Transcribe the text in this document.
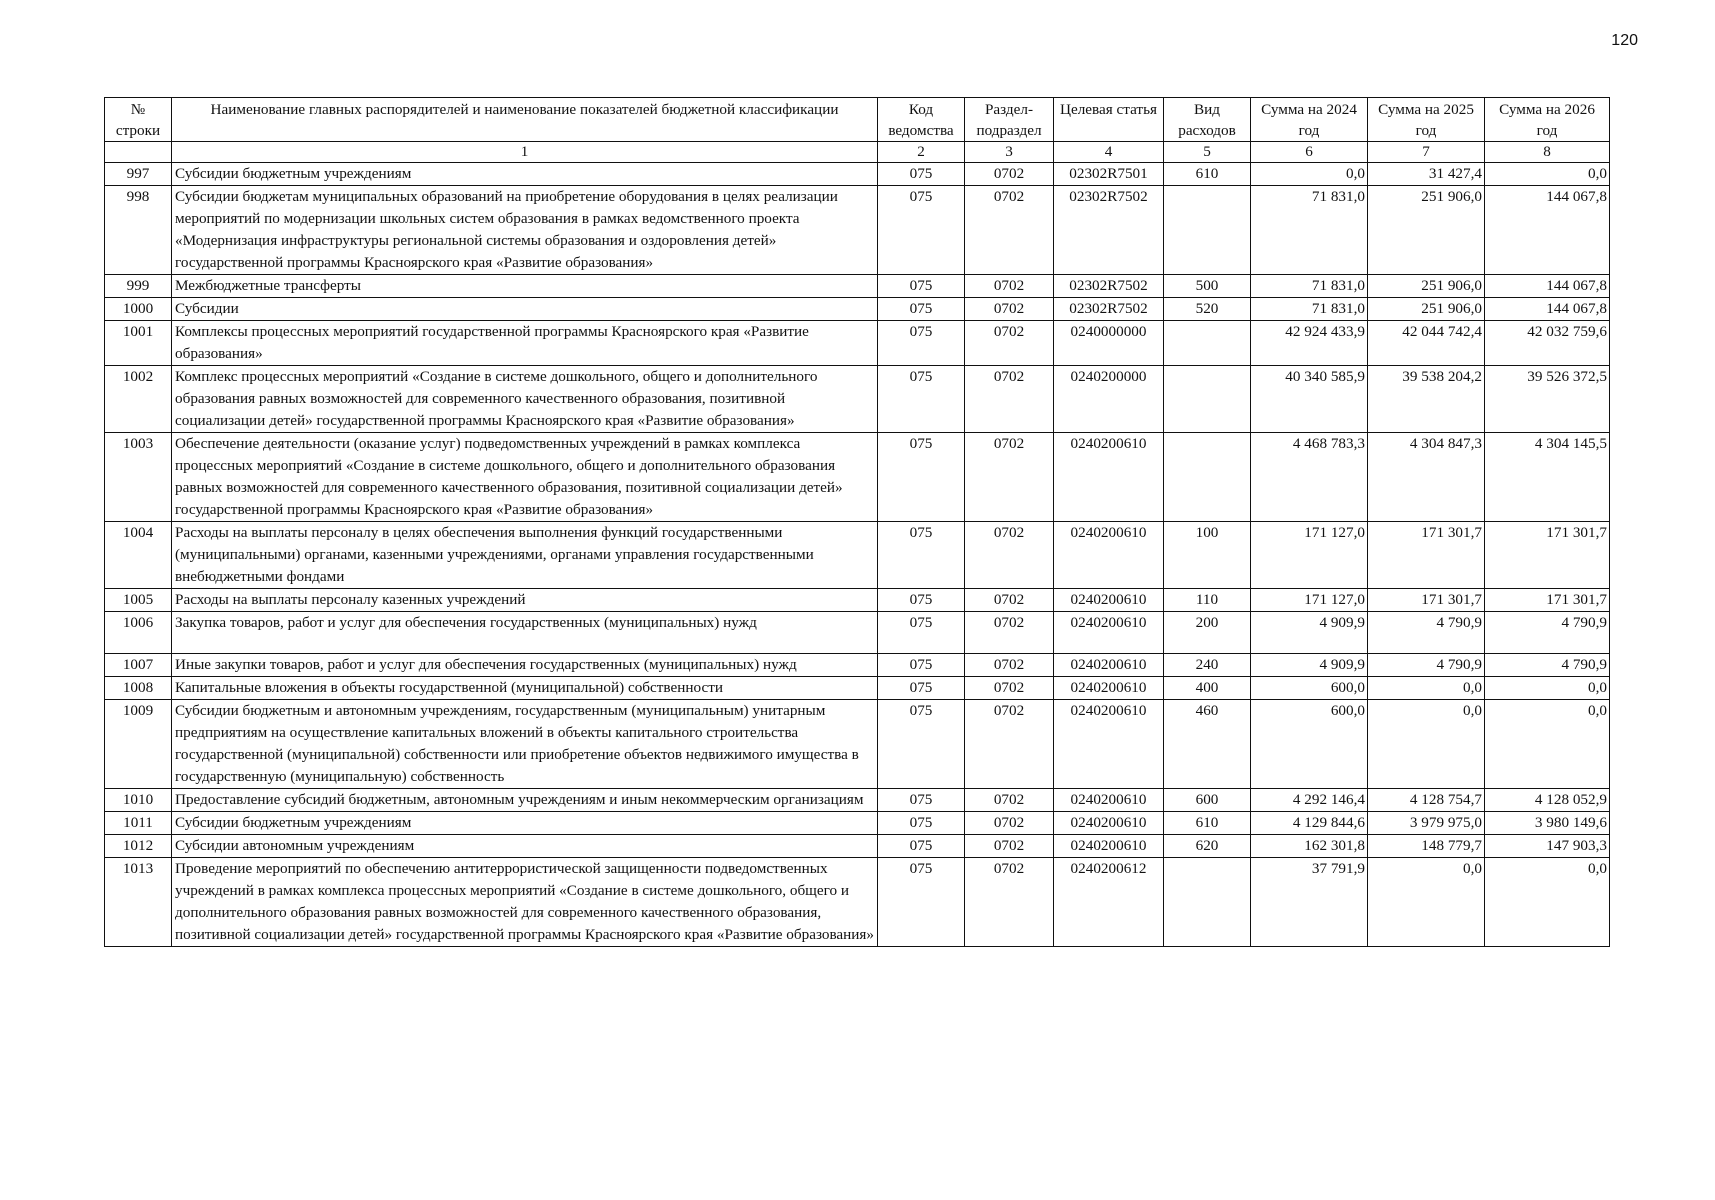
120
№ строки	Наименование главных распорядителей и наименование показателей бюджетной классификации	Код ведомства	Раздел-подраздел	Целевая статья	Вид расходов	Сумма на 2024 год	Сумма на 2025 год	Сумма на 2026 год
	1	2	3	4	5	6	7	8
997	Субсидии бюджетным учреждениям	075	0702	02302R7501	610	0,0	31 427,4	0,0
998	Субсидии бюджетам муниципальных образований на приобретение оборудования в целях реализации мероприятий по модернизации школьных систем образования в рамках ведомственного проекта «Модернизация инфраструктуры региональной системы образования и оздоровления детей» государственной программы Красноярского края «Развитие образования»	075	0702	02302R7502		71 831,0	251 906,0	144 067,8
999	Межбюджетные трансферты	075	0702	02302R7502	500	71 831,0	251 906,0	144 067,8
1000	Субсидии	075	0702	02302R7502	520	71 831,0	251 906,0	144 067,8
1001	Комплексы процессных мероприятий государственной программы Красноярского края «Развитие образования»	075	0702	0240000000		42 924 433,9	42 044 742,4	42 032 759,6
1002	Комплекс процессных мероприятий «Создание в системе дошкольного, общего и дополнительного образования равных возможностей для современного качественного образования, позитивной социализации детей» государственной программы Красноярского края «Развитие образования»	075	0702	0240200000		40 340 585,9	39 538 204,2	39 526 372,5
1003	Обеспечение деятельности (оказание услуг) подведомственных учреждений в рамках комплекса процессных мероприятий «Создание в системе дошкольного, общего и дополнительного образования равных возможностей для современного качественного образования, позитивной социализации детей» государственной программы Красноярского края «Развитие образования»	075	0702	0240200610		4 468 783,3	4 304 847,3	4 304 145,5
1004	Расходы на выплаты персоналу в целях обеспечения выполнения функций государственными (муниципальными) органами, казенными учреждениями, органами управления государственными внебюджетными фондами	075	0702	0240200610	100	171 127,0	171 301,7	171 301,7
1005	Расходы на выплаты персоналу казенных учреждений	075	0702	0240200610	110	171 127,0	171 301,7	171 301,7
1006	Закупка товаров, работ и услуг для обеспечения государственных (муниципальных) нужд	075	0702	0240200610	200	4 909,9	4 790,9	4 790,9
1007	Иные закупки товаров, работ и услуг для обеспечения государственных (муниципальных) нужд	075	0702	0240200610	240	4 909,9	4 790,9	4 790,9
1008	Капитальные вложения в объекты государственной (муниципальной) собственности	075	0702	0240200610	400	600,0	0,0	0,0
1009	Субсидии бюджетным и автономным учреждениям, государственным (муниципальным) унитарным предприятиям на осуществление капитальных вложений в объекты капитального строительства государственной (муниципальной) собственности или приобретение объектов недвижимого имущества в государственную (муниципальную) собственность	075	0702	0240200610	460	600,0	0,0	0,0
1010	Предоставление субсидий бюджетным, автономным учреждениям и иным некоммерческим организациям	075	0702	0240200610	600	4 292 146,4	4 128 754,7	4 128 052,9
1011	Субсидии бюджетным учреждениям	075	0702	0240200610	610	4 129 844,6	3 979 975,0	3 980 149,6
1012	Субсидии автономным учреждениям	075	0702	0240200610	620	162 301,8	148 779,7	147 903,3
1013	Проведение мероприятий по обеспечению антитеррористической защищенности подведомственных учреждений в рамках комплекса процессных мероприятий «Создание в системе дошкольного, общего и дополнительного образования равных возможностей для современного качественного образования, позитивной социализации детей» государственной программы Красноярского края «Развитие образования»	075	0702	0240200612		37 791,9	0,0	0,0
